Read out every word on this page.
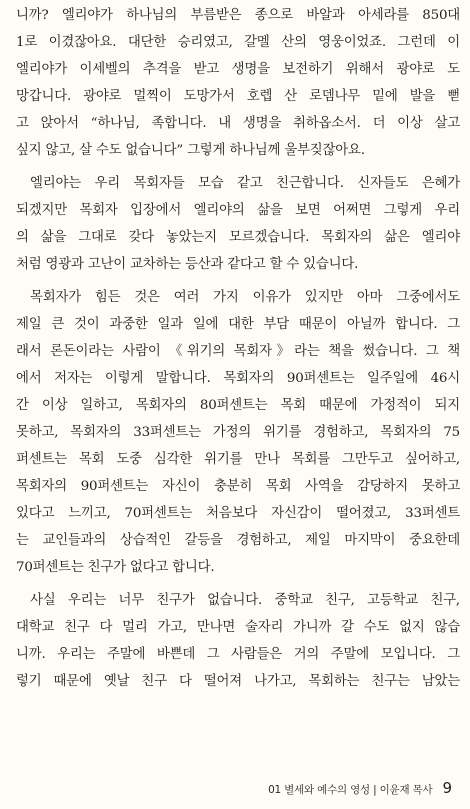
니까? 엘리야가 하나님의 부름받은 종으로 바알과 아세라를 850대
1로 이겼잖아요. 대단한 승리였고, 갈멜 산의 영웅이었죠. 그런데 이
엘리야가 이세벨의 추격을 받고 생명을 보전하기 위해서 광야로 도
망갑니다. 광야로 멀찍이 도망가서 호렙 산 로뎀나무 밑에 발을 뻗
고 앉아서 “하나님, 족합니다. 내 생명을 취하옵소서. 더 이상 살고
싶지 않고, 살 수도 없습니다” 그렇게 하나님께 울부짖잖아요.
엘리야는 우리 목회자들 모습 같고 친근합니다. 신자들도 은혜가
되겠지만 목회자 입장에서 엘리야의 삶을 보면 어쩌면 그렇게 우리
의 삶을 그대로 갖다 놓았는지 모르겠습니다. 목회자의 삶은 엘리야
처럼 영광과 고난이 교차하는 등산과 같다고 할 수 있습니다.
목회자가 힘든 것은 여러 가지 이유가 있지만 아마 그중에서도
제일 큰 것이 과중한 일과 일에 대한 부담 때문이 아닐까 합니다. 그
래서 론돈이라는 사람이 《위기의 목회자》라는 책을 썼습니다. 그 책
에서 저자는 이렇게 말합니다. 목회자의 90퍼센트는 일주일에 46시
간 이상 일하고, 목회자의 80퍼센트는 목회 때문에 가정적이 되지
못하고, 목회자의 33퍼센트는 가정의 위기를 경험하고, 목회자의 75
퍼센트는 목회 도중 심각한 위기를 만나 목회를 그만두고 싶어하고,
목회자의 90퍼센트는 자신이 충분히 목회 사역을 감당하지 못하고
있다고 느끼고, 70퍼센트는 처음보다 자신감이 떨어졌고, 33퍼센트
는 교인들과의 상습적인 갈등을 경험하고, 제일 마지막이 중요한데
70퍼센트는 친구가 없다고 합니다.
사실 우리는 너무 친구가 없습니다. 중학교 친구, 고등학교 친구,
대학교 친구 다 멀리 가고, 만나면 술자리 가니까 갈 수도 없지 않습
니까. 우리는 주말에 바쁜데 그 사람들은 거의 주말에 모입니다. 그
렇기 때문에 옛날 친구 다 떨어져 나가고, 목회하는 친구는 남았는
01 별세와 예수의 영성 | 이윤재 목사 9
